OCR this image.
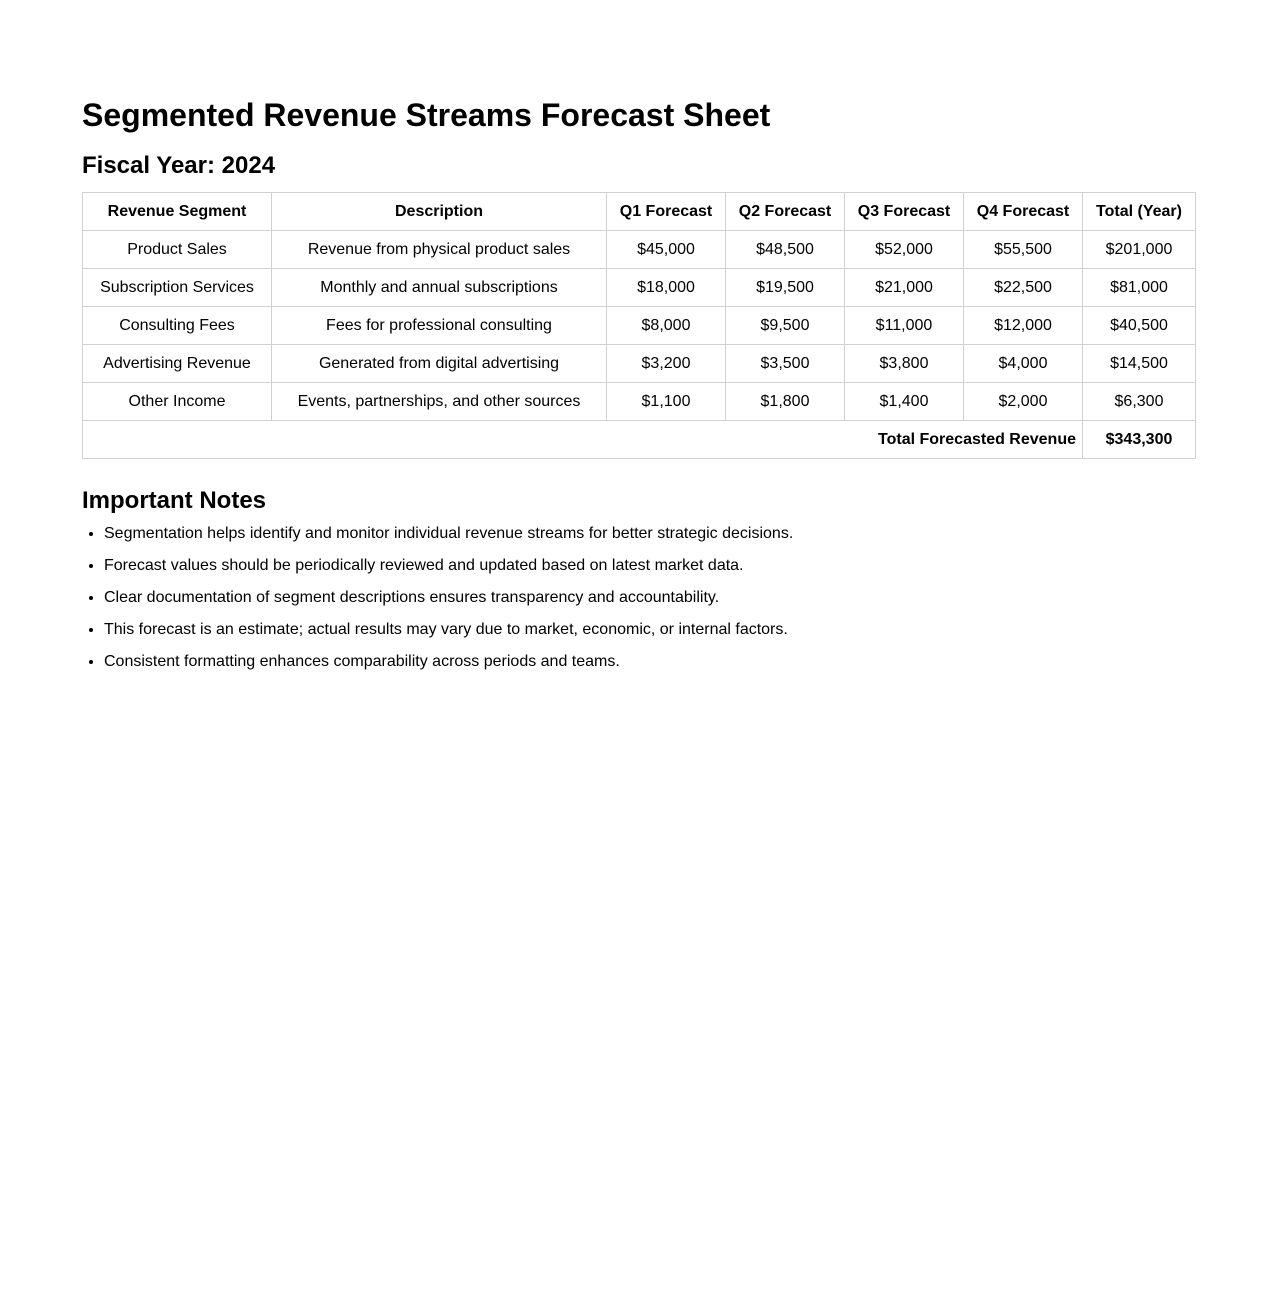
Segmented Revenue Streams Forecast Sheet
Fiscal Year: 2024
Revenue Segment	Description	Q1 Forecast	Q2 Forecast	Q3 Forecast	Q4 Forecast	Total (Year)
Product Sales	Revenue from physical product sales	$45,000	$48,500	$52,000	$55,500	$201,000
Subscription Services	Monthly and annual subscriptions	$18,000	$19,500	$21,000	$22,500	$81,000
Consulting Fees	Fees for professional consulting	$8,000	$9,500	$11,000	$12,000	$40,500
Advertising Revenue	Generated from digital advertising	$3,200	$3,500	$3,800	$4,000	$14,500
Other Income	Events, partnerships, and other sources	$1,100	$1,800	$1,400	$2,000	$6,300
Total Forecasted Revenue						$343,300
Important Notes
• Segmentation helps identify and monitor individual revenue streams for better strategic decisions.
• Forecast values should be periodically reviewed and updated based on latest market data.
• Clear documentation of segment descriptions ensures transparency and accountability.
• This forecast is an estimate; actual results may vary due to market, economic, or internal factors.
• Consistent formatting enhances comparability across periods and teams.
